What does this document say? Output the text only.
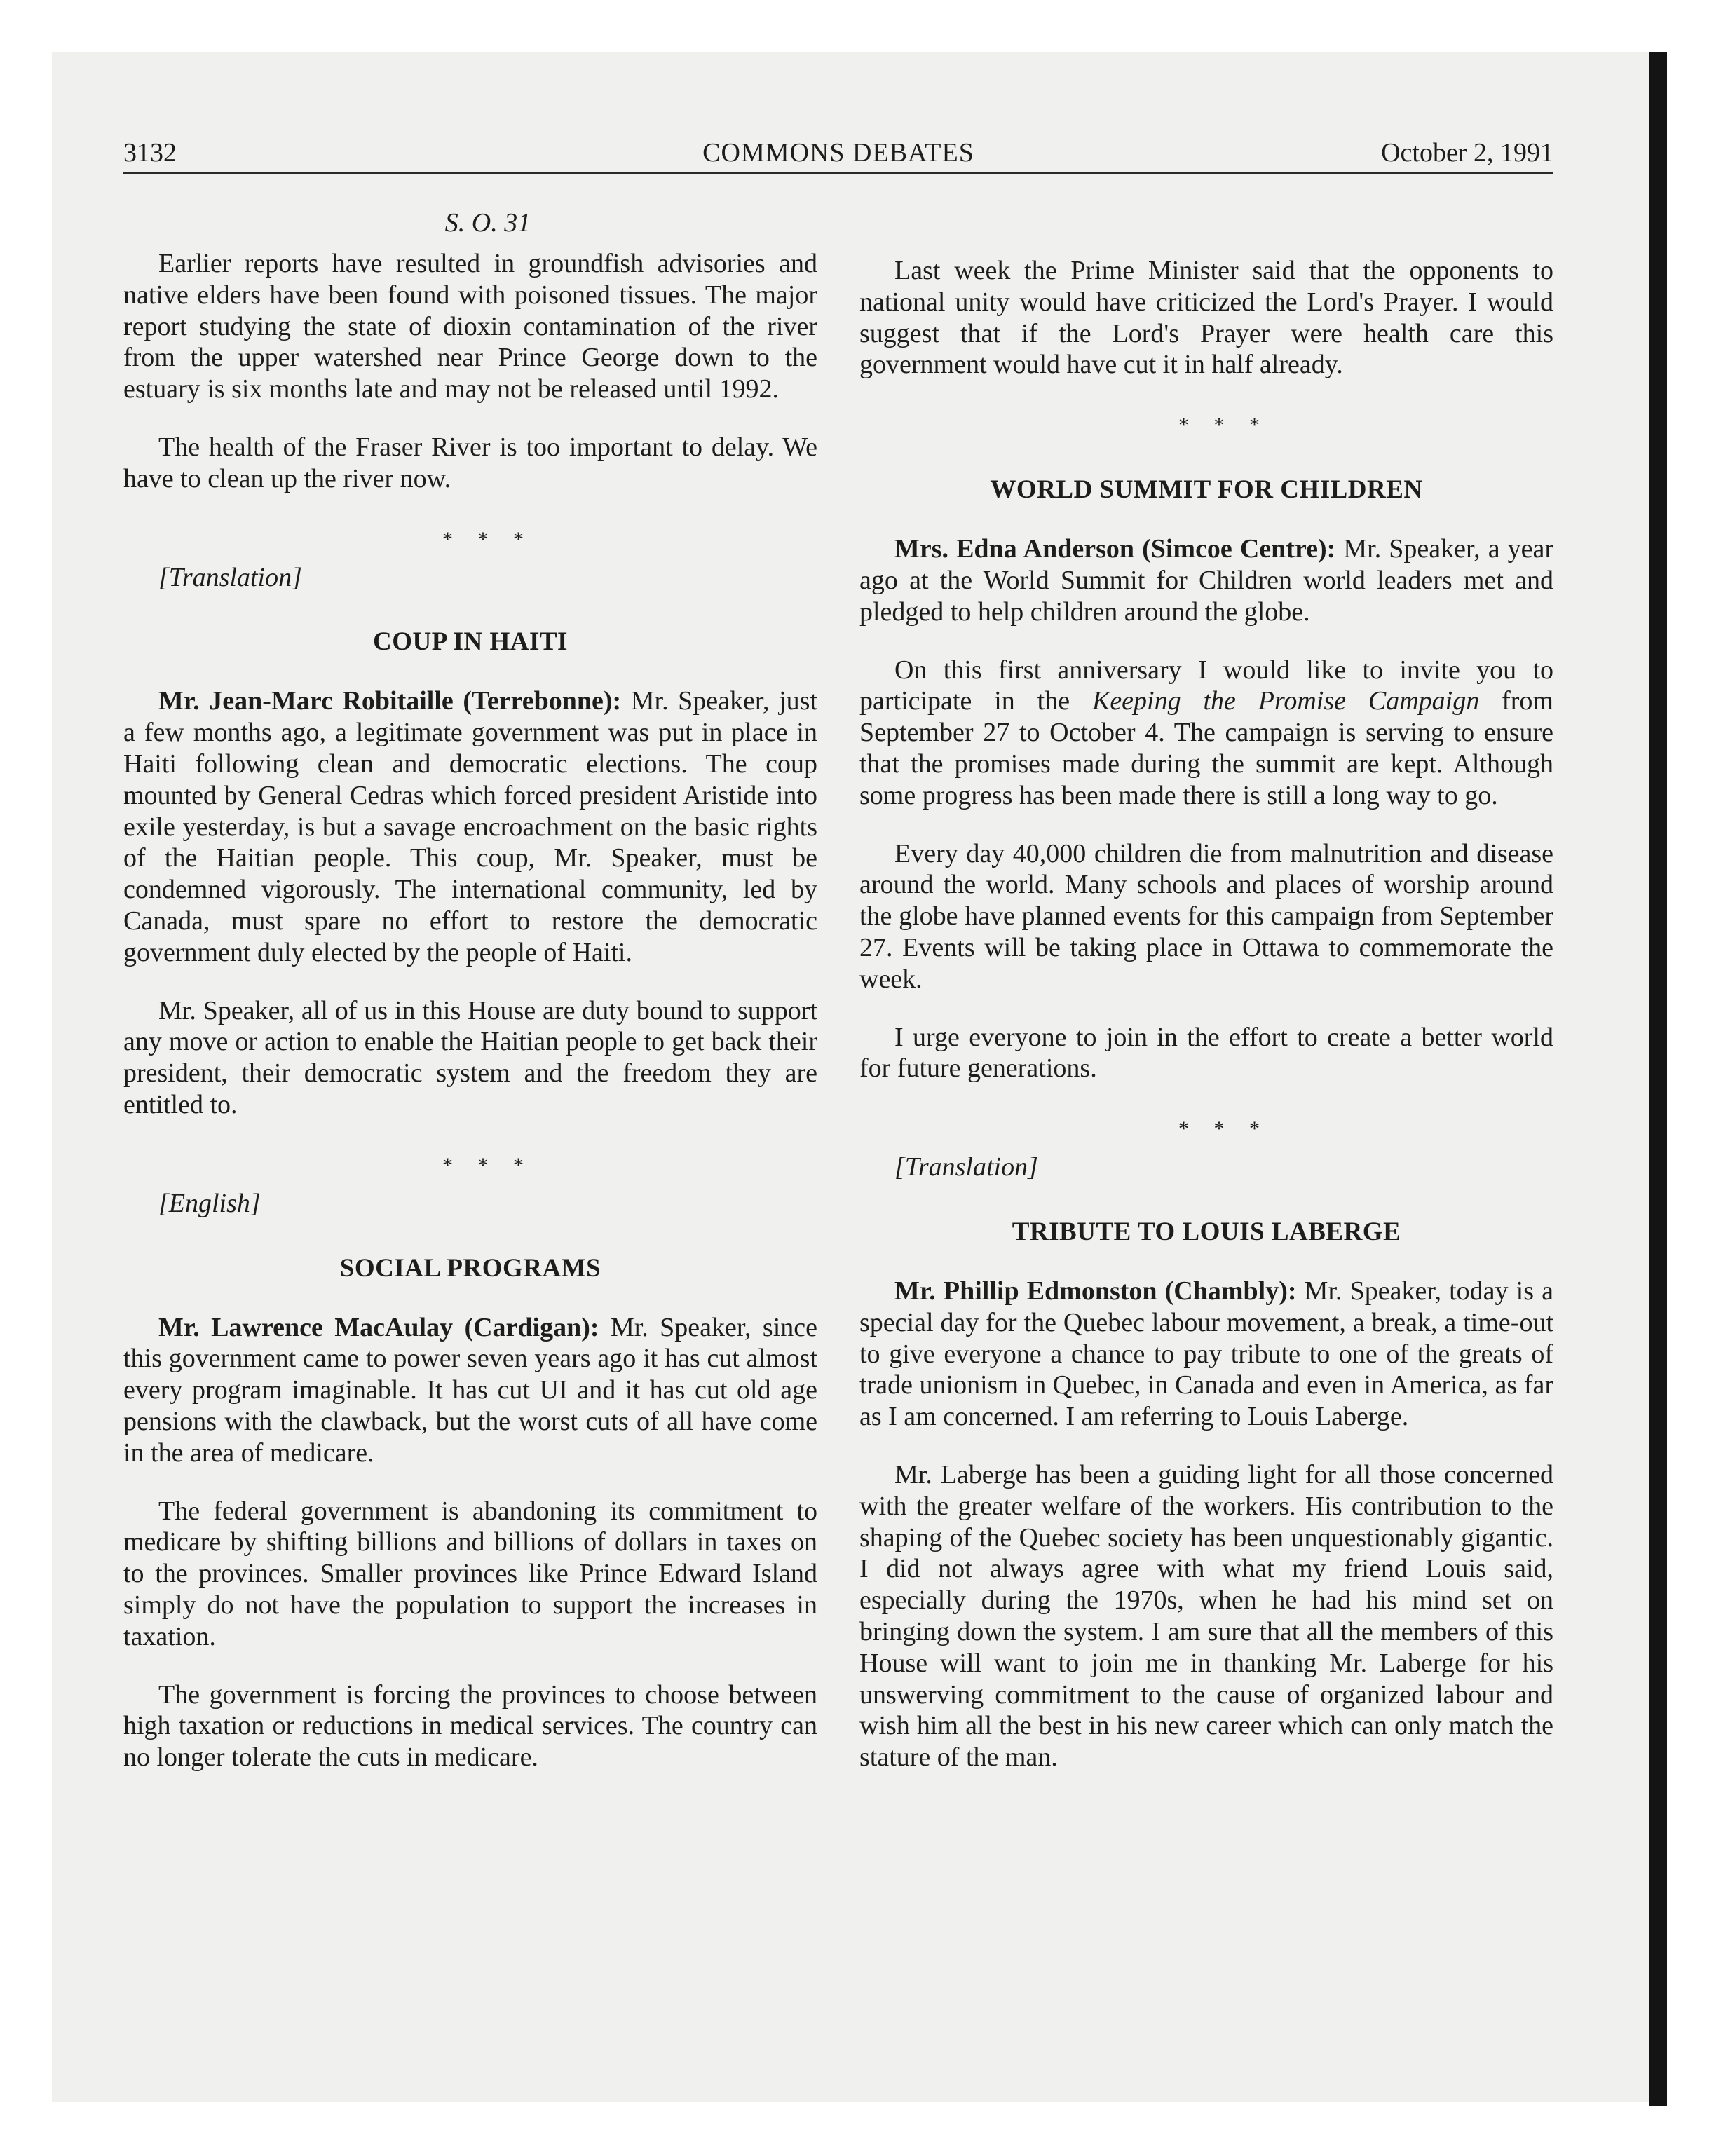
3132	COMMONS DEBATES	October 2, 1991

S. O. 31

Earlier reports have resulted in groundfish advisories and native elders have been found with poisoned tissues. The major report studying the state of dioxin contamination of the river from the upper watershed near Prince George down to the estuary is six months late and may not be released until 1992.

The health of the Fraser River is too important to delay. We have to clean up the river now.

* * *

[Translation]

COUP IN HAITI

Mr. Jean-Marc Robitaille (Terrebonne): Mr. Speaker, just a few months ago, a legitimate government was put in place in Haiti following clean and democratic elections. The coup mounted by General Cedras which forced president Aristide into exile yesterday, is but a savage encroachment on the basic rights of the Haitian people. This coup, Mr. Speaker, must be condemned vigorously. The international community, led by Canada, must spare no effort to restore the democratic government duly elected by the people of Haiti.

Mr. Speaker, all of us in this House are duty bound to support any move or action to enable the Haitian people to get back their president, their democratic system and the freedom they are entitled to.

* * *

[English]

SOCIAL PROGRAMS

Mr. Lawrence MacAulay (Cardigan): Mr. Speaker, since this government came to power seven years ago it has cut almost every program imaginable. It has cut UI and it has cut old age pensions with the clawback, but the worst cuts of all have come in the area of medicare.

The federal government is abandoning its commitment to medicare by shifting billions and billions of dollars in taxes on to the provinces. Smaller provinces like Prince Edward Island simply do not have the population to support the increases in taxation.

The government is forcing the provinces to choose between high taxation or reductions in medical services. The country can no longer tolerate the cuts in medicare.

Last week the Prime Minister said that the opponents to national unity would have criticized the Lord's Prayer. I would suggest that if the Lord's Prayer were health care this government would have cut it in half already.

* * *

WORLD SUMMIT FOR CHILDREN

Mrs. Edna Anderson (Simcoe Centre): Mr. Speaker, a year ago at the World Summit for Children world leaders met and pledged to help children around the globe.

On this first anniversary I would like to invite you to participate in the Keeping the Promise Campaign from September 27 to October 4. The campaign is serving to ensure that the promises made during the summit are kept. Although some progress has been made there is still a long way to go.

Every day 40,000 children die from malnutrition and disease around the world. Many schools and places of worship around the globe have planned events for this campaign from September 27. Events will be taking place in Ottawa to commemorate the week.

I urge everyone to join in the effort to create a better world for future generations.

* * *

[Translation]

TRIBUTE TO LOUIS LABERGE

Mr. Phillip Edmonston (Chambly): Mr. Speaker, today is a special day for the Quebec labour movement, a break, a time-out to give everyone a chance to pay tribute to one of the greats of trade unionism in Quebec, in Canada and even in America, as far as I am concerned. I am referring to Louis Laberge.

Mr. Laberge has been a guiding light for all those concerned with the greater welfare of the workers. His contribution to the shaping of the Quebec society has been unquestionably gigantic. I did not always agree with what my friend Louis said, especially during the 1970s, when he had his mind set on bringing down the system. I am sure that all the members of this House will want to join me in thanking Mr. Laberge for his unswerving commitment to the cause of organized labour and wish him all the best in his new career which can only match the stature of the man.
